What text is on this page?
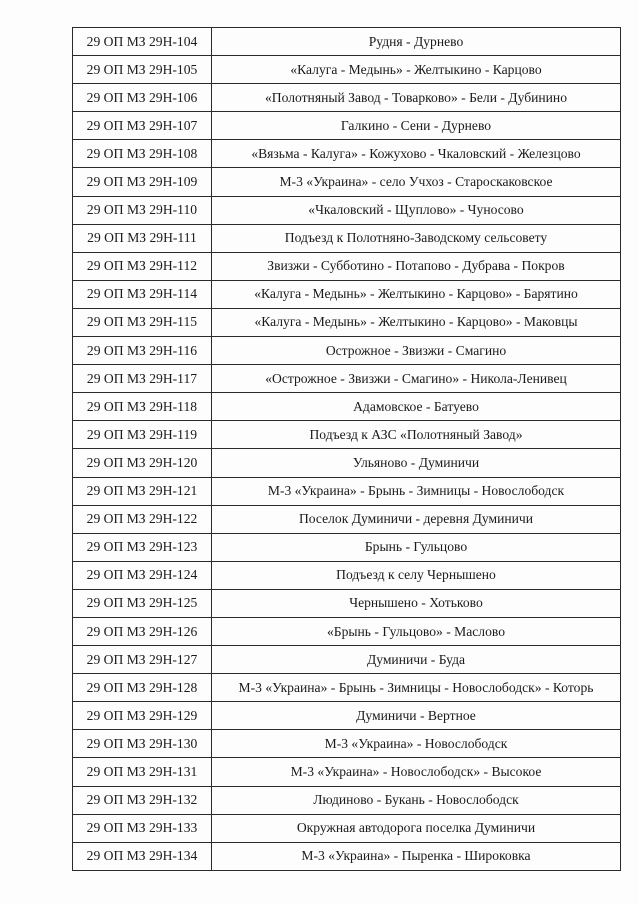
29 ОП МЗ 29Н-104	Рудня - Дурнево
29 ОП МЗ 29Н-105	«Калуга - Медынь» - Желтыкино - Карцово
29 ОП МЗ 29Н-106	«Полотняный Завод - Товарково» - Бели - Дубинино
29 ОП МЗ 29Н-107	Галкино - Сени - Дурнево
29 ОП МЗ 29Н-108	«Вязьма - Калуга» - Кожухово - Чкаловский - Железцово
29 ОП МЗ 29Н-109	М-3 «Украина» - село Учхоз - Староскаковское
29 ОП МЗ 29Н-110	«Чкаловский - Щуплово» - Чуносово
29 ОП МЗ 29Н-111	Подъезд к Полотняно-Заводскому сельсовету
29 ОП МЗ 29Н-112	Звизжи - Субботино - Потапово - Дубрава - Покров
29 ОП МЗ 29Н-114	«Калуга - Медынь» - Желтыкино - Карцово» - Барятино
29 ОП МЗ 29Н-115	«Калуга - Медынь» - Желтыкино - Карцово» - Маковцы
29 ОП МЗ 29Н-116	Острожное - Звизжи - Смагино
29 ОП МЗ 29Н-117	«Острожное - Звизжи - Смагино» - Никола-Ленивец
29 ОП МЗ 29Н-118	Адамовское - Батуево
29 ОП МЗ 29Н-119	Подъезд к АЗС «Полотняный Завод»
29 ОП МЗ 29Н-120	Ульяново - Думиничи
29 ОП МЗ 29Н-121	М-3 «Украина» - Брынь - Зимницы - Новослободск
29 ОП МЗ 29Н-122	Поселок Думиничи - деревня Думиничи
29 ОП МЗ 29Н-123	Брынь - Гульцово
29 ОП МЗ 29Н-124	Подъезд к селу Чернышено
29 ОП МЗ 29Н-125	Чернышено - Хотьково
29 ОП МЗ 29Н-126	«Брынь - Гульцово» - Маслово
29 ОП МЗ 29Н-127	Думиничи - Буда
29 ОП МЗ 29Н-128	М-3 «Украина» - Брынь - Зимницы - Новослободск» - Которь
29 ОП МЗ 29Н-129	Думиничи - Вертное
29 ОП МЗ 29Н-130	М-3 «Украина» - Новослободск
29 ОП МЗ 29Н-131	М-3 «Украина» - Новослободск» - Высокое
29 ОП МЗ 29Н-132	Людиново - Букань - Новослободск
29 ОП МЗ 29Н-133	Окружная автодорога поселка Думиничи
29 ОП МЗ 29Н-134	М-3 «Украина» - Пыренка - Широковка
